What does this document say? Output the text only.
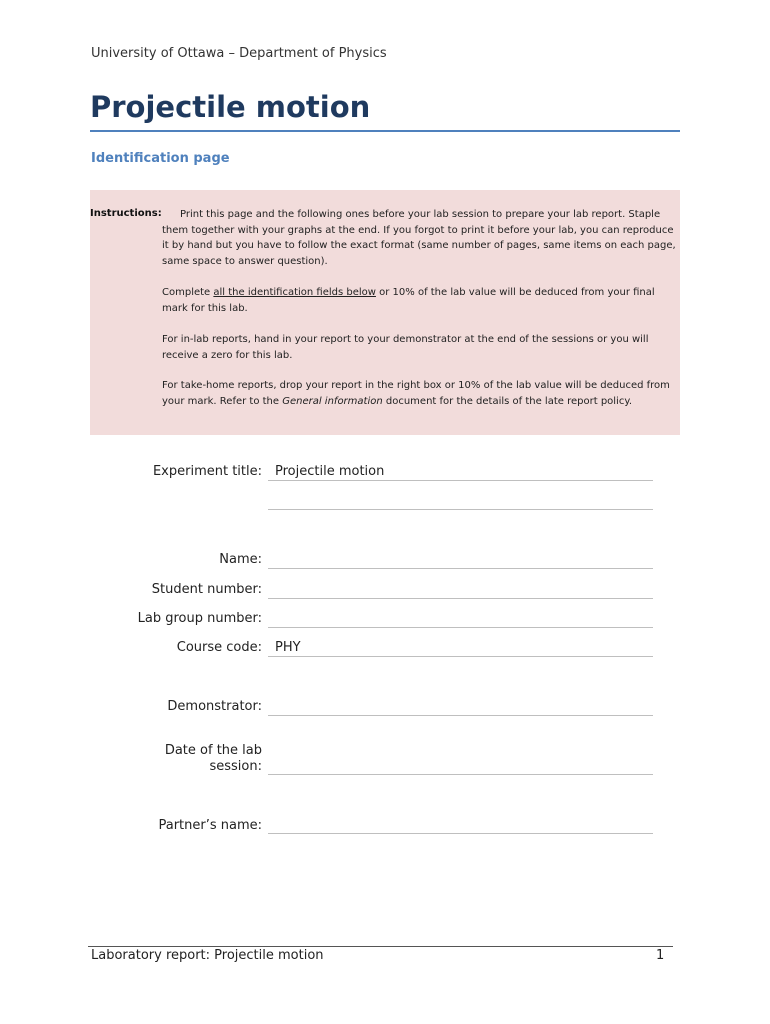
University of Ottawa – Department of Physics
Projectile motion
Identification page
Instructions:	Print this page and the following ones before your lab session to prepare your lab report. Staple them together with your graphs at the end. If you forgot to print it before your lab, you can reproduce it by hand but you have to follow the exact format (same number of pages, same items on each page, same space to answer question).
Complete all the identification fields below or 10% of the lab value will be deduced from your final mark for this lab.
For in-lab reports, hand in your report to your demonstrator at the end of the sessions or you will receive a zero for this lab.
For take-home reports, drop your report in the right box or 10% of the lab value will be deduced from your mark. Refer to the General information document for the details of the late report policy.
Experiment title: Projectile motion
Name:
Student number:
Lab group number:
Course code: PHY
Demonstrator:
Date of the lab
session:
Partner’s name:
Laboratory report: Projectile motion	1
